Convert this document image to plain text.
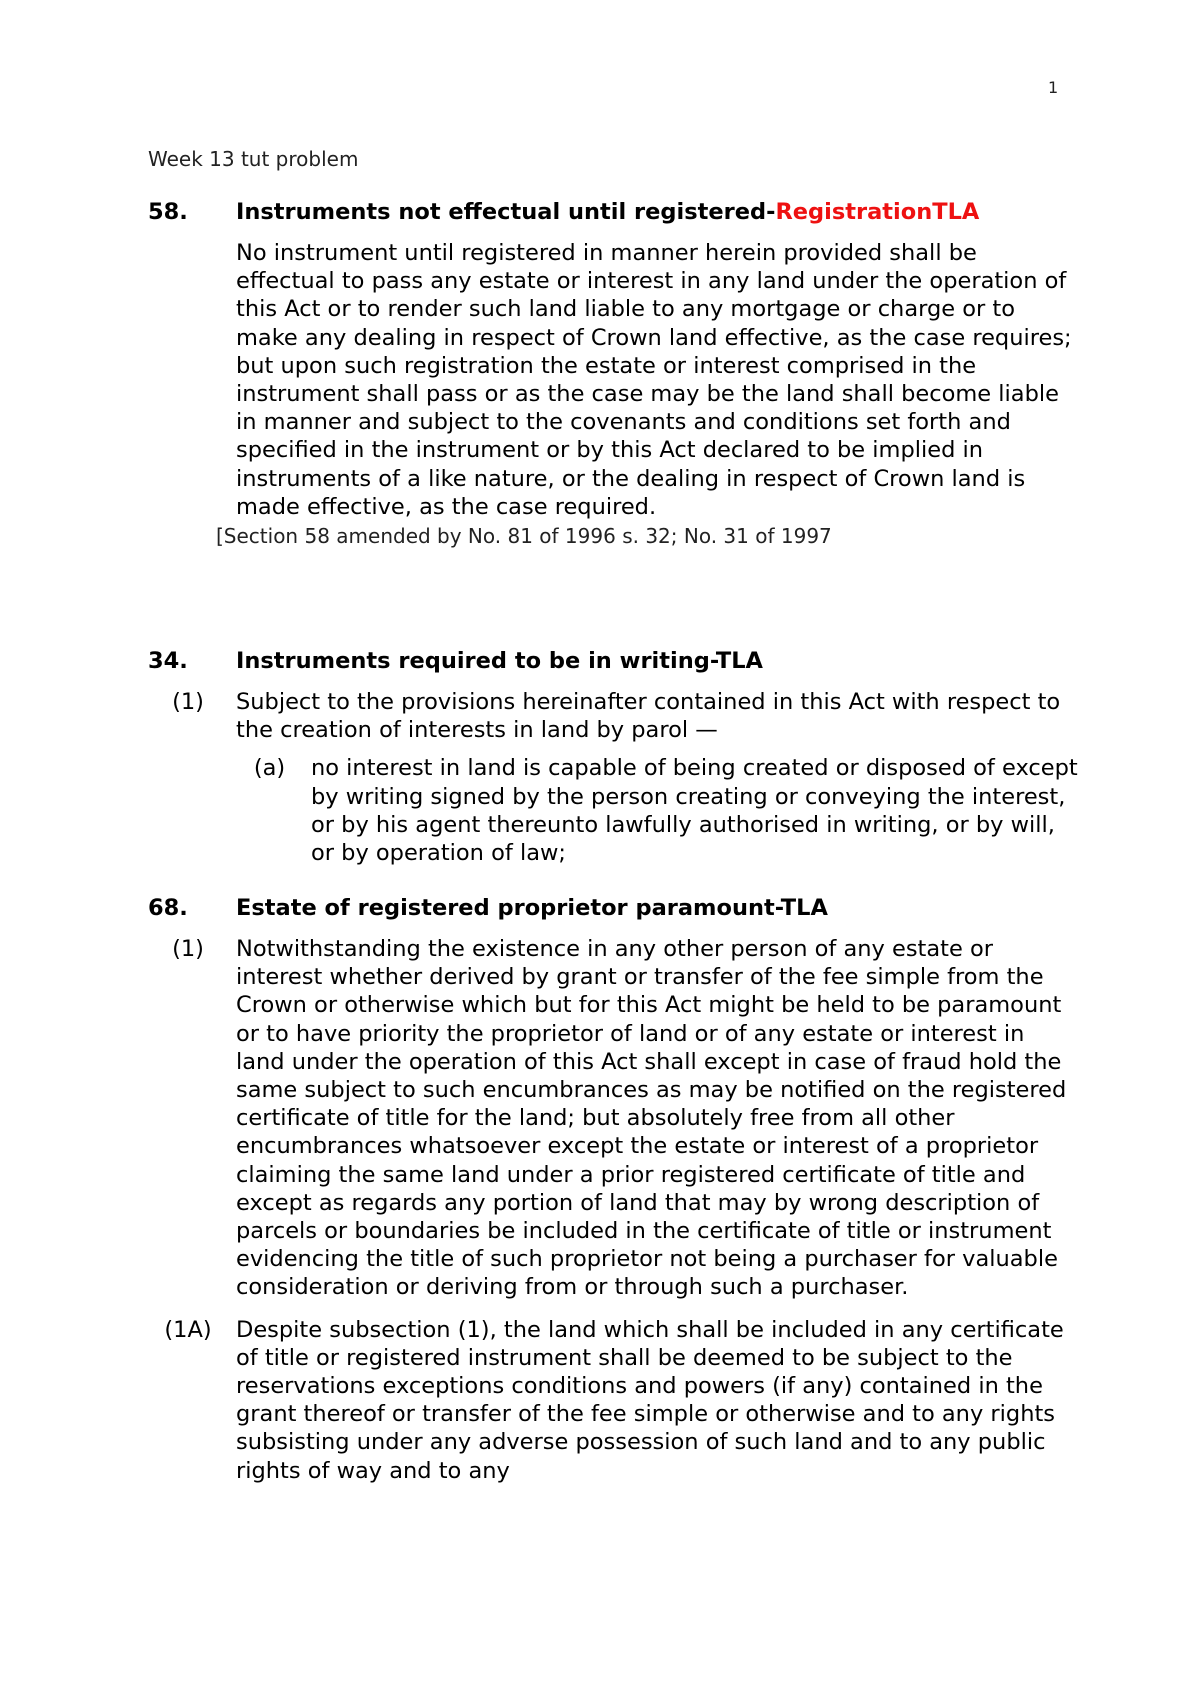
1
Week 13 tut problem
58.	Instruments not effectual until registered-RegistrationTLA
No instrument until registered in manner herein provided shall be effectual to pass any estate or interest in any land under the operation of this Act or to render such land liable to any mortgage or charge or to make any dealing in respect of Crown land effective, as the case requires; but upon such registration the estate or interest comprised in the instrument shall pass or as the case may be the land shall become liable in manner and subject to the covenants and conditions set forth and specified in the instrument or by this Act declared to be implied in instruments of a like nature, or the dealing in respect of Crown land is made effective, as the case required.
[Section 58 amended by No. 81 of 1996 s. 32; No. 31 of 1997
34.	Instruments required to be in writing-TLA
(1)	Subject to the provisions hereinafter contained in this Act with respect to the creation of interests in land by parol —
(a)	no interest in land is capable of being created or disposed of except by writing signed by the person creating or conveying the interest, or by his agent thereunto lawfully authorised in writing, or by will, or by operation of law;
68.	Estate of registered proprietor paramount-TLA
(1)	Notwithstanding the existence in any other person of any estate or interest whether derived by grant or transfer of the fee simple from the Crown or otherwise which but for this Act might be held to be paramount or to have priority the proprietor of land or of any estate or interest in land under the operation of this Act shall except in case of fraud hold the same subject to such encumbrances as may be notified on the registered certificate of title for the land; but absolutely free from all other encumbrances whatsoever except the estate or interest of a proprietor claiming the same land under a prior registered certificate of title and except as regards any portion of land that may by wrong description of parcels or boundaries be included in the certificate of title or instrument evidencing the title of such proprietor not being a purchaser for valuable consideration or deriving from or through such a purchaser.
(1A)	Despite subsection (1), the land which shall be included in any certificate of title or registered instrument shall be deemed to be subject to the reservations exceptions conditions and powers (if any) contained in the grant thereof or transfer of the fee simple or otherwise and to any rights subsisting under any adverse possession of such land and to any public rights of way and to any
